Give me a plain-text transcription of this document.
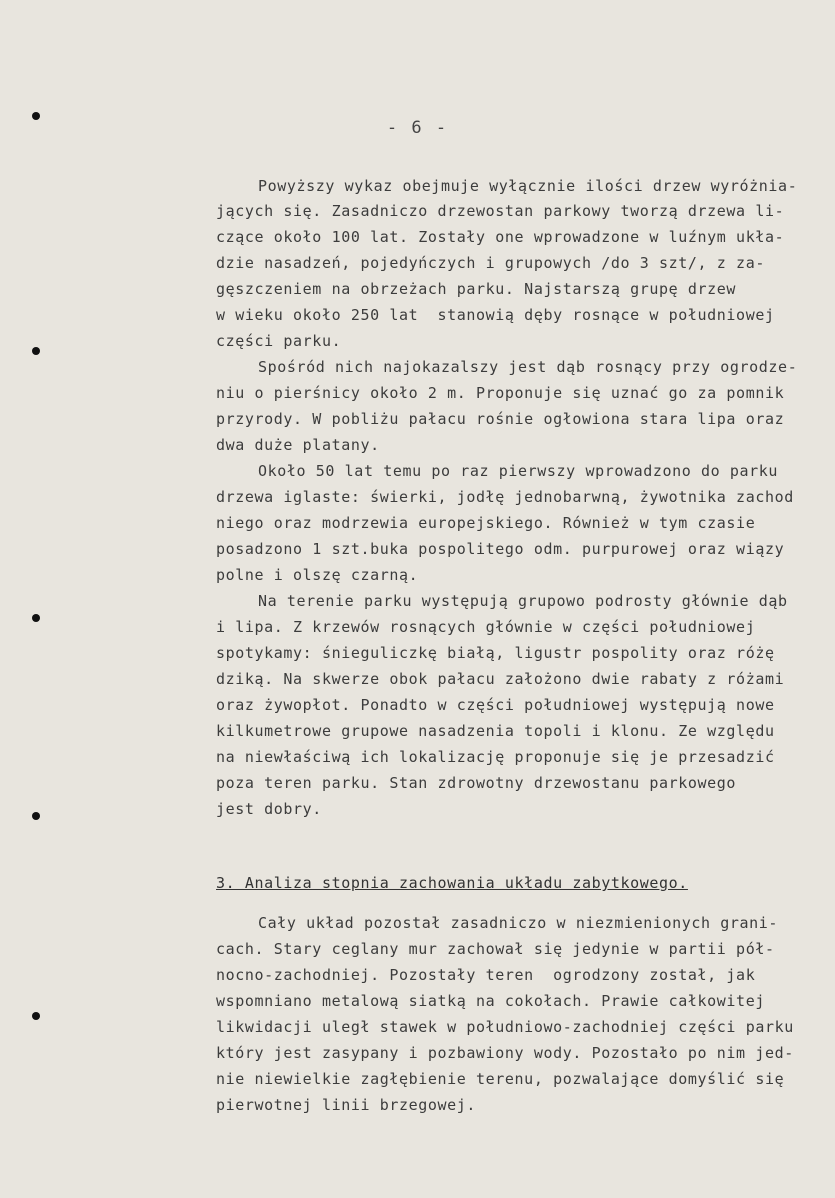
- 6 -
Powyższy wykaz obejmuje wyłącznie ilości drzew wyróżnia-
jących się. Zasadniczo drzewostan parkowy tworzą drzewa li-
czące około 100 lat. Zostały one wprowadzone w luźnym ukła-
dzie nasadzeń, pojedyńczych i grupowych /do 3 szt/, z za-
gęszczeniem na obrzeżach parku. Najstarszą grupę drzew
w wieku około 250 lat  stanowią dęby rosnące w południowej
części parku.
Spośród nich najokazalszy jest dąb rosnący przy ogrodze-
niu o pierśnicy około 2 m. Proponuje się uznać go za pomnik
przyrody. W pobliżu pałacu rośnie ogłowiona stara lipa oraz
dwa duże platany.
Około 50 lat temu po raz pierwszy wprowadzono do parku
drzewa iglaste: świerki, jodłę jednobarwną, żywotnika zachod
niego oraz modrzewia europejskiego. Również w tym czasie
posadzono 1 szt.buka pospolitego odm. purpurowej oraz wiązy
polne i olszę czarną.
Na terenie parku występują grupowo podrosty głównie dąb
i lipa. Z krzewów rosnących głównie w części południowej
spotykamy: śnieguliczkę białą, ligustr pospolity oraz różę
dziką. Na skwerze obok pałacu założono dwie rabaty z różami
oraz żywopłot. Ponadto w części południowej występują nowe
kilkumetrowe grupowe nasadzenia topoli i klonu. Ze względu
na niewłaściwą ich lokalizację proponuje się je przesadzić
poza teren parku. Stan zdrowotny drzewostanu parkowego
jest dobry.
3. Analiza stopnia zachowania układu zabytkowego.
Cały układ pozostał zasadniczo w niezmienionych grani-
cach. Stary ceglany mur zachował się jedynie w partii pół-
nocno-zachodniej. Pozostały teren  ogrodzony został, jak
wspomniano metalową siatką na cokołach. Prawie całkowitej
likwidacji uległ stawek w południowo-zachodniej części parku
który jest zasypany i pozbawiony wody. Pozostało po nim jed-
nie niewielkie zagłębienie terenu, pozwalające domyślić się
pierwotnej linii brzegowej.
